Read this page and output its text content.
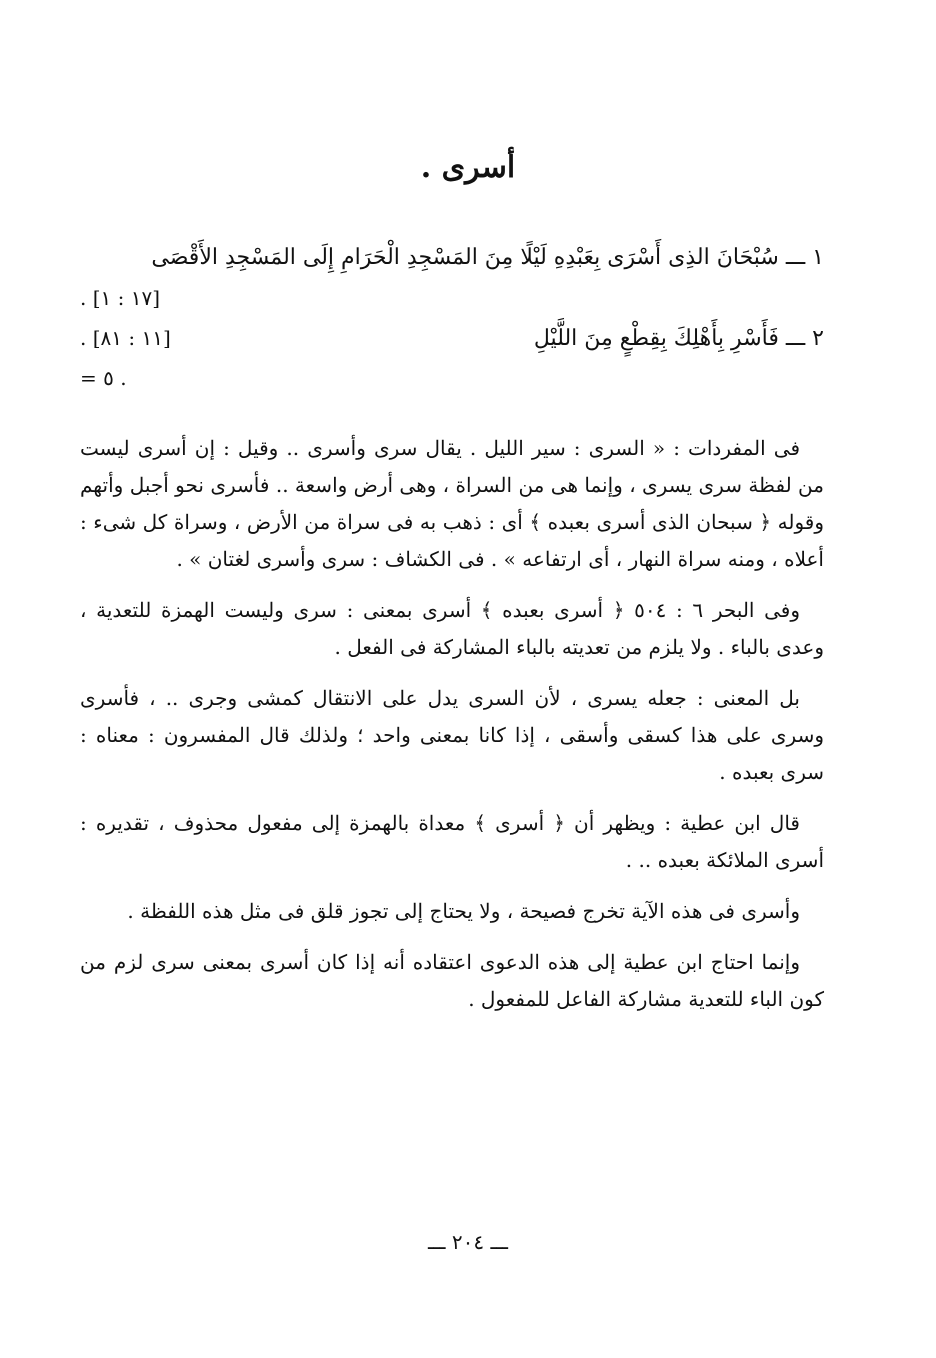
أسرى .
١ ـــ سُبْحَانَ الذِى أَسْرَى بِعَبْدِهِ لَيْلًا مِنَ المَسْجِدِ الْحَرَامِ إِلَى المَسْجِدِ الأَقْصَى
. [١٧ : ١]
٢ ـــ فَأَسْرِ بِأَهْلِكَ بِقِطْعٍ مِنَ اللَّيْلِ
. [١١ : ٨١]
= ٥ .

فى المفردات : « السرى : سير الليل . يقال سرى وأسرى .. وقيل : إن أسرى ليست من لفظة سرى يسرى ، وإنما هى من السراة ، وهى أرض واسعة .. فأسرى نحو أجبل وأتهم وقوله ﴿ سبحان الذى أسرى بعبده ﴾ أى : ذهب به فى سراة من الأرض ، وسراة كل شىء : أعلاه ، ومنه سراة النهار ، أى ارتفاعه » . فى الكشاف : سرى وأسرى لغتان » .

وفى البحر ٦ : ٥٠٤ ﴿ أسرى بعبده ﴾ أسرى بمعنى : سرى وليست الهمزة للتعدية ، وعدى بالباء . ولا يلزم من تعديته بالباء المشاركة فى الفعل .

بل المعنى : جعله يسرى ، لأن السرى يدل على الانتقال كمشى وجرى .. ، فأسرى وسرى على هذا كسقى وأسقى ، إذا كانا بمعنى واحد ؛ ولذلك قال المفسرون : معناه : سرى بعبده .

قال ابن عطية : ويظهر أن ﴿ أسرى ﴾ معداة بالهمزة إلى مفعول محذوف ، تقديره : أسرى الملائكة بعبده .. .

وأسرى فى هذه الآية تخرج فصيحة ، ولا يحتاج إلى تجوز قلق فى مثل هذه اللفظة .

وإنما احتاج ابن عطية إلى هذه الدعوى اعتقاده أنه إذا كان أسرى بمعنى سرى لزم من كون الباء للتعدية مشاركة الفاعل للمفعول .

ـــ ٢٠٤ ـــ
